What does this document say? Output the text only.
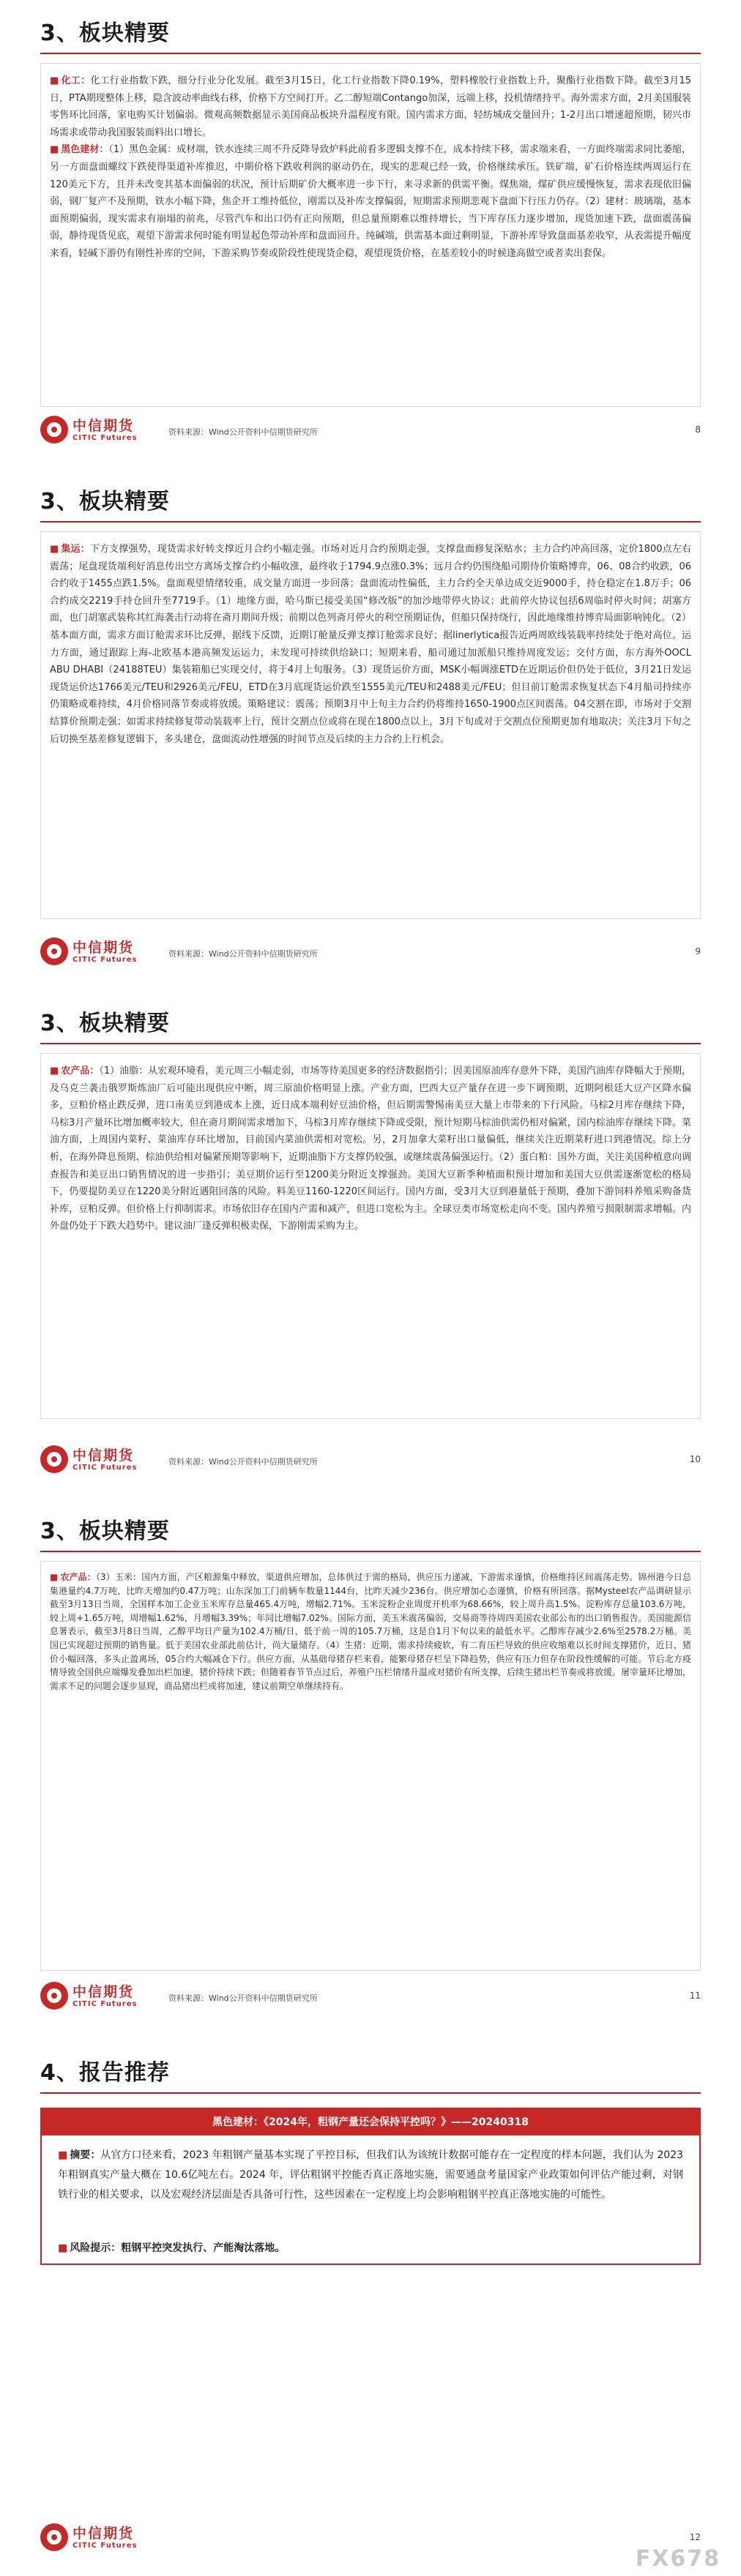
3、板块精要

■ 化工：化工行业指数下跌，细分行业分化发展。截至3月15日，化工行业指数下降0.19%，塑料橡胶行业指数上升，聚酯行业指数下降。截至3月15日，PTA期现整体上移，隐含波动率曲线右移，价格下方空间打开。乙二醇短端Contango加深，远端上移，投机情绪持平。海外需求方面，2月美国服装零售环比回落，家电购买计划偏弱。微观高频数据显示美国商品板块升温程度有限。国内需求方面，轻纺城成交量回升；1-2月出口增速超预期，韧兴市场需求或带动我国服装面料出口增长。

■ 黑色建材：（1）黑色金属：成材端，铁水连续三周不升反降导致炉料此前看多逻辑支撑不在，成本持续下移，需求端来看，一方面终端需求同比萎缩，另一方面盘面螺纹下跌使得渠道补库推迟，中期价格下跌收利润的驱动仍在，现实的悲观已经一致，价格继续承压。铁矿端，矿石价格连续两周运行在120美元下方，且并未改变其基本面偏弱的状况，预计后期矿价大概率进一步下行，来寻求新的供需平衡。煤焦端，煤矿供应缓慢恢复，需求表现依旧偏弱，钢厂复产不及预期，铁水小幅下降，焦企开工维持低位，刚需以及补库支撑偏弱，短期需求预期悲观下盘面下行压力仍存。（2）建材：玻璃端，基本面预期偏弱，现实需求有崩塌的前兆，尽管汽车和出口仍有正向预期，但总量预期难以维持增长，当下库存压力逐步增加，现货加速下跌，盘面震荡偏弱，静待现货见底，观望下游需求何时能有明显起色带动补库和盘面回升。纯碱端，供需基本面过剩明显，下游补库导致盘面基差收窄，从表需提升幅度来看，轻碱下游仍有刚性补库的空间，下游采购节奏或阶段性使现货企稳，观望现货价格，在基差较小的时候逢高做空或者卖出套保。

中信期货
CITIC Futures
资料来源：Wind公开资料中信期货研究所	8
3、板块精要

■ 集运：下方支撑强势，现货需求好转支撑近月合约小幅走强。市场对近月合约预期走强，支撑盘面修复深贴水；主力合约冲高回落，定价1800点左右震荡；尾盘现货端利好消息传出空方离场支撑合约小幅收涨，最终收于1794.9点涨0.3%；远月合约仍围绕船司期待价策略博弈，06、08合约收跌，06合约收于1455点跌1.5%。盘面观望情绪较重，成交量方面进一步回落；盘面流动性偏低，主力合约全天单边成交近9000手，持仓稳定在1.8万手；06合约成交2219手持仓回升至7719手。（1）地缘方面，哈马斯已接受美国“修改版”的加沙地带停火协议；此前停火协议包括6周临时停火时间；胡塞方面，也门胡塞武装称其红海袭击行动将在斋月期间升级；前期以色列斋月停火的利空预期证伪，但船只保持绕行，因此地缘维持博弈局面影响钝化。（2）基本面方面，需求方面订舱需求环比反弹，据线下反馈，近期订舱量反弹支撑订舱需求良好；据linerlytica报告近两周欧线装载率持续处于绝对高位。运力方面，通过跟踪上海-北欧基本港高频发运运力，未发现可持续供给缺口；短期来看，船司通过加派船只维持周度发运；交付方面，东方海外OOCL ABU DHABI（24188TEU）集装箱船已实现交付，将于4月上旬服务。（3）现货运价方面，MSK小幅调涨ETD在近期运价但仍处于低位，3月21日发运现货运价达1766美元/TEU和2926美元/FEU，ETD在3月底现货运价跌至1555美元/TEU和2488美元/FEU；但目前订舱需求恢复状态下4月船司持续亦仍策略或难持续，4月价格同落节奏或将放缓。策略建议：震荡；预期3月中上旬主力合约仍将维持1650-1900点区间震荡。04交割在即，市场对于交割结算价预期走强；如需求持续修复带动装载率上行，预计交割点位或将在现在1800点以上，3月下旬或对于交割点位预期更加有地取决；关注3月下旬之后切换至基差修复逻辑下，多头建仓，盘面流动性增强的时间节点及后续的主力合约上行机会。

中信期货
CITIC Futures
资料来源：Wind公开资料中信期货研究所	9
3、板块精要

■ 农产品：（1）油脂：从宏观环境看，美元周三小幅走弱，市场等待美国更多的经济数据指引；因美国原油库存意外下降，美国汽油库存降幅大于预期，及乌克兰袭击俄罗斯炼油厂后可能出现供应中断，周三原油价格明显上涨。产业方面，巴西大豆产量存在进一步下调预期，近期阿根廷大豆产区降水偏多，豆粕价格止跌反弹，进口南美豆到港成本上涨，近日成本端利好豆油价格，但后期需警惕南美豆大量上市带来的下行风险。马棕2月库存继续下降，马棕3月产量环比增加概率较大，但在斋月期间需求增加下，马棕3月库存继续下降或受限，预计短期马棕油供需仍相对偏紧，国内棕油库存继续下降。菜油方面，上周国内菜籽、菜油库存环比增加，目前国内菜油供需相对宽松。另，2月加拿大菜籽出口量偏低，继续关注近期菜籽进口到港情况。综上分析，在海外降息预期、棕油供给相对偏紧预期等影响下，近期油脂下方支撑仍较强，或继续震荡偏强运行。（2）蛋白粕：国外方面，关注美国种植意向调查报告和美豆出口销售情况的进一步指引；美豆期价运行至1200美分附近支撑强劲。美国大豆新季种植面积预计增加和美国大豆供需逐渐宽松的格局下，仍要提防美豆在1220美分附近遇阻回落的风险。料美豆1160-1220区间运行。国内方面，受3月大豆到港量低于预期，叠加下游饲料养殖采购备货补库，豆粕反弹。但价格上行抑制需求。市场依旧存在国内产需和减产，但进口宽松为主。全球豆类市场宽松走向不变。国内养殖亏损限制需求增幅。内外盘仍处于下跌大趋势中。建议油厂逢反弹积极卖保，下游刚需采购为主。

中信期货
CITIC Futures
资料来源：Wind公开资料中信期货研究所	10
3、板块精要

■ 农产品：（3）玉米：国内方面，产区粮源集中释放，渠道供应增加，总体供过于需的格局，供应压力递减，下游需求谨慎，价格维持区间震荡走势。锦州港今日总集港量约4.7万吨，比昨天增加约0.47万吨；山东深加工门前辆车数量1144台，比昨天减少236台。供应增加心态谨慎，价格有所回落。据Mysteel农产品调研显示截至3月13日当周，全国样本加工企业玉米库存总量465.4万吨，增幅2.71%。玉米淀粉企业周度开机率为68.66%，较上周升高1.5%。淀粉库存总量103.6万吨，较上周+1.65万吨，周增幅1.62%，月增幅3.39%；年同比增幅7.02%。国际方面，美玉米震荡偏弱，交易商等待周四美国农业部公布的出口销售报告。美国能源信息署表示，截至3月8日当周，乙醇平均日产量为102.4万桶/日，低于前一周的105.7万桶，这是自1月下旬以来的最低水平。乙醇库存减少2.6%至2578.2万桶。美国已实现超过预期的销售量。低于美国农业部此前估计，尚大量储存。（4）生猪：近期，需求持续疲软，有二育压栏导致的供应收缩难以长时间支撑猪价，近日，猪价小幅回落，多头止盈离场，05合约大幅减仓下行。供应方面，从基础母猪存栏来看，能繁母猪存栏呈下降趋势，供应有压力但存在阶段性缓解的可能。节后北方疫情导致全国供应端爆发叠加出栏加速，猪价持续下跌；但随着春节节点过后，养殖户压栏情绪升温或对猪价有所支撑，后续生猪出栏节奏或将放缓。屠宰量环比增加，需求不足的问题会逐步显现，商品猪出栏或将加速，建议前期空单继续持有。

中信期货
CITIC Futures
资料来源：Wind公开资料中信期货研究所	11
4、报告推荐
黑色建材：《2024年，粗钢产量还会保持平控吗？》——20240318
■ 摘要：从官方口径来看，2023 年粗钢产量基本实现了平控目标，但我们认为该统计数据可能存在一定程度的样本问题，我们认为 2023 年粗钢真实产量大概在 10.6亿吨左右。2024 年，评估粗钢平控能否真正落地实施，需要通盘考量国家产业政策如何评估产能过剩，对钢铁行业的相关要求，以及宏观经济层面是否具备可行性，这些因素在一定程度上均会影响粗钢平控真正落地实施的可能性。
■ 风险提示：粗钢平控突发执行、产能淘汰落地。
中信期货
CITIC Futures
12
FX678
